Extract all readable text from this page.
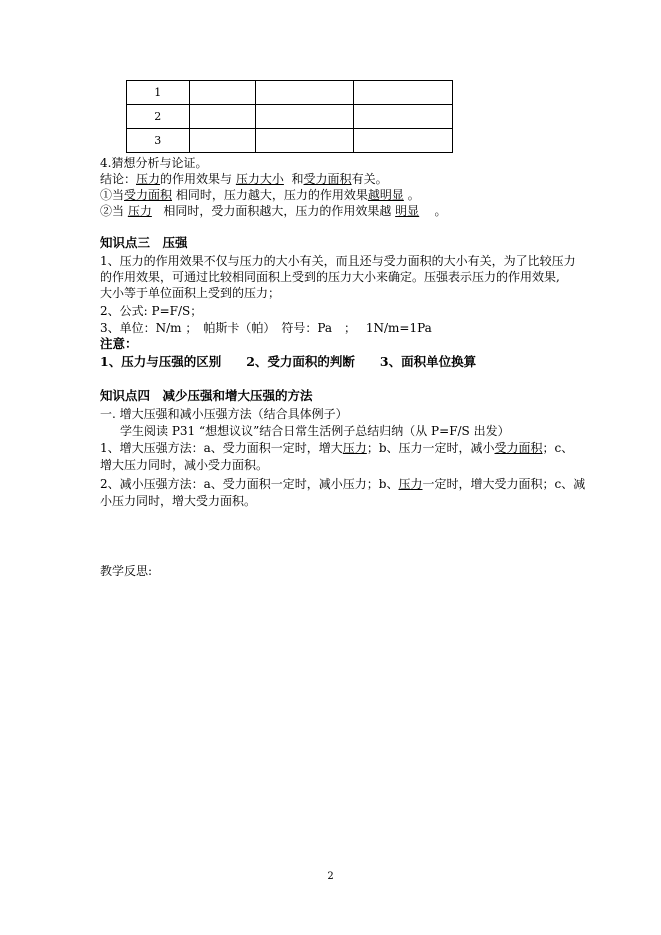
1			
2			
3			
4.猜想分析与论证。
结论：压力的作用效果与 压力大小 和受力面积有关。
①当受力面积 相同时，压力越大，压力的作用效果越明显 。
②当 压力 相同时，受力面积越大，压力的作用效果越 明显 。
知识点三　压强
1、压力的作用效果不仅与压力的大小有关，而且还与受力面积的大小有关，为了比较压力
的作用效果，可通过比较相同面积上受到的压力大小来确定。压强表示压力的作用效果,
大小等于单位面积上受到的压力；
2、公式: P=F/S；
3、单位：N/m ；　帕斯卡（帕）　符号：Pa　；　 1N/m=1Pa
注意：
1、压力与压强的区别　　2、受力面积的判断　　3、面积单位换算
知识点四　减少压强和增大压强的方法
一. 增大压强和减小压强方法（结合具体例子）
学生阅读 P31 “想想议议”结合日常生活例子总结归纳（从 P=F/S 出发）
1、增大压强方法：a、受力面积一定时，增大压力；b、压力一定时，减小受力面积；c、
增大压力同时，减小受力面积。
2、减小压强方法：a、受力面积一定时，减小压力；b、压力一定时，增大受力面积；c、减
小压力同时，增大受力面积。
教学反思:
2
